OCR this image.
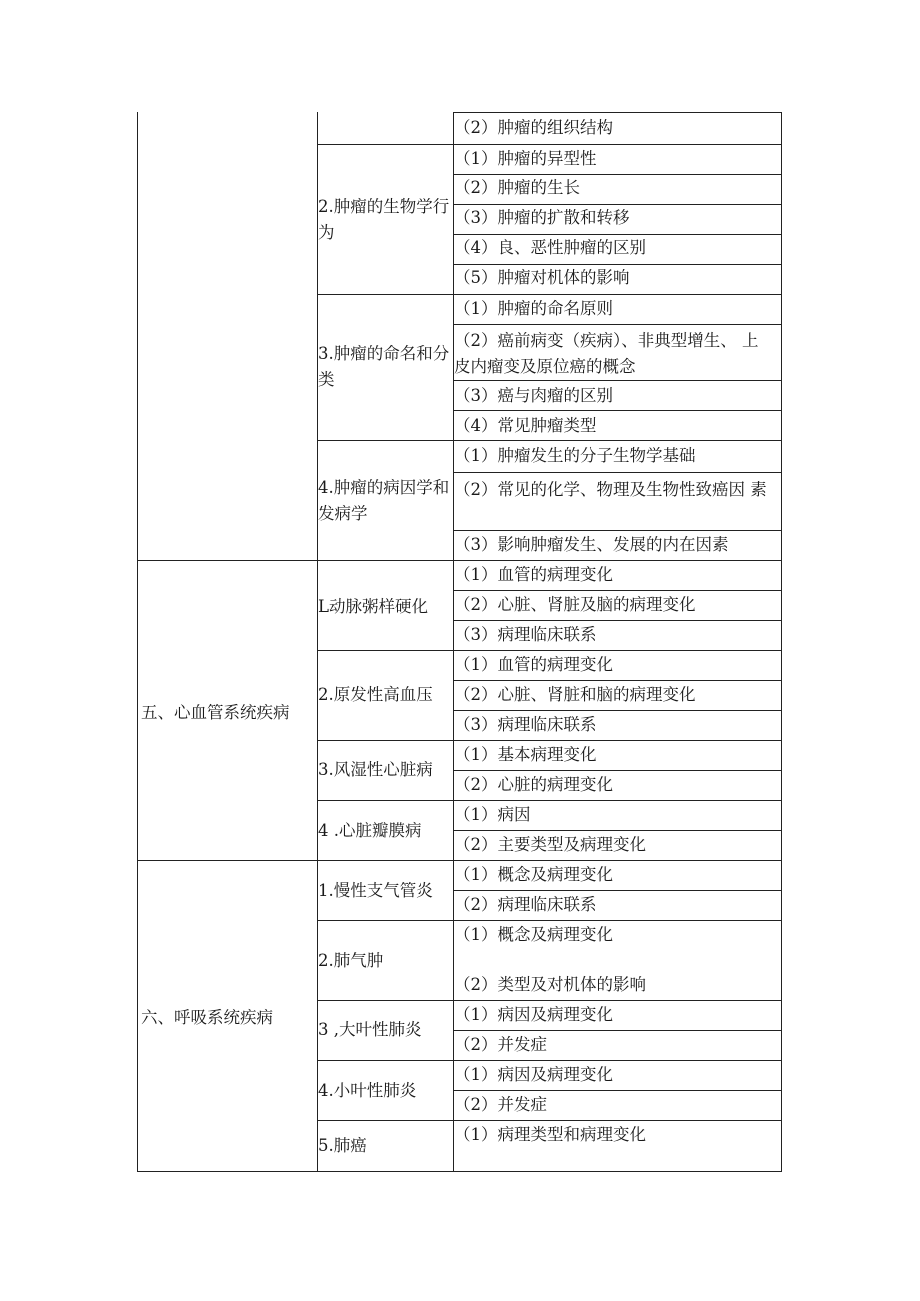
五、心血管系统疾病
六、呼吸系统疾病
2.肿瘤的生物学行为
3.肿瘤的命名和分类
4.肿瘤的病因学和发病学
L动脉粥样硬化
2.原发性高血压
3.风湿性心脏病
4 .心脏瓣膜病
1.慢性支气管炎
2.肺气肿
3 ,大叶性肺炎
4.小叶性肺炎
5.肺癌
（2）肿瘤的组织结构
（1）肿瘤的异型性
（2）肿瘤的生长
（3）肿瘤的扩散和转移
（4）良、恶性肿瘤的区别
（5）肿瘤对机体的影响
（1）肿瘤的命名原则
（2）癌前病变（疾病）、非典型增生、 上皮内瘤变及原位癌的概念
（3）癌与肉瘤的区别
（4）常见肿瘤类型
（1）肿瘤发生的分子生物学基础
（2）常见的化学、物理及生物性致癌因 素
（3）影响肿瘤发生、发展的内在因素
（1）血管的病理变化
（2）心脏、肾脏及脑的病理变化
（3）病理临床联系
（1）血管的病理变化
（2）心脏、肾脏和脑的病理变化
（3）病理临床联系
（1）基本病理变化
（2）心脏的病理变化
（1）病因
（2）主要类型及病理变化
（1）概念及病理变化
（2）病理临床联系
（1）概念及病理变化
（2）类型及对机体的影响
（1）病因及病理变化
（2）并发症
（1）病因及病理变化
（2）并发症
（1）病理类型和病理变化
